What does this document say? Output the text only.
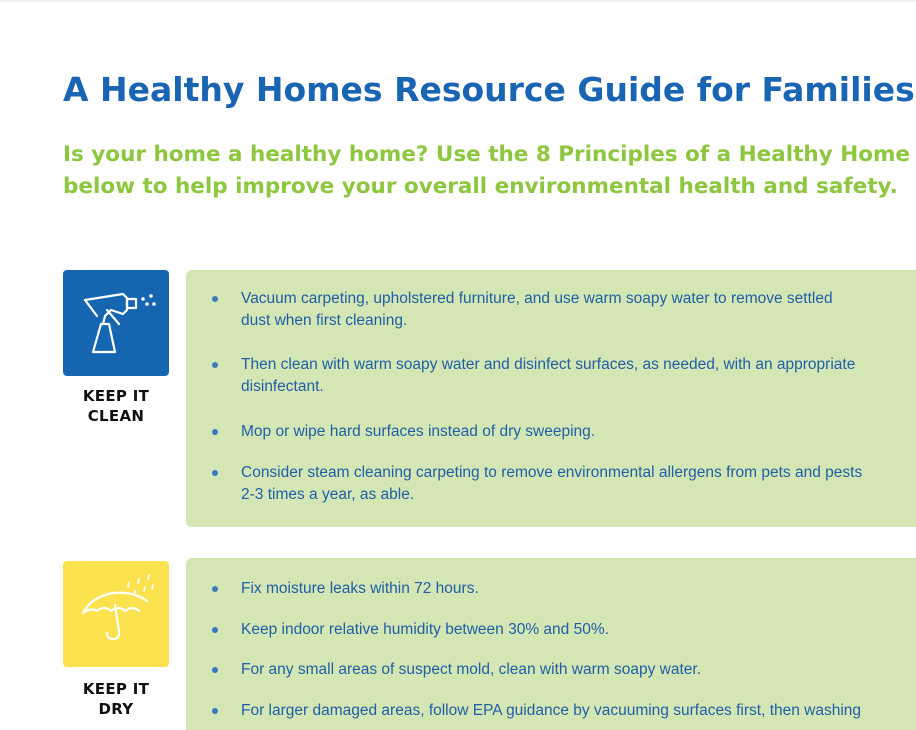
A Healthy Homes Resource Guide for Families

Is your home a healthy home? Use the 8 Principles of a Healthy Home
below to help improve your overall environmental health and safety.

KEEP IT
CLEAN
Vacuum carpeting, upholstered furniture, and use warm soapy water to remove settled
dust when first cleaning.
Then clean with warm soapy water and disinfect surfaces, as needed, with an appropriate
disinfectant.
Mop or wipe hard surfaces instead of dry sweeping.
Consider steam cleaning carpeting to remove environmental allergens from pets and pests
2-3 times a year, as able.
KEEP IT
DRY
Fix moisture leaks within 72 hours.
Keep indoor relative humidity between 30% and 50%.
For any small areas of suspect mold, clean with warm soapy water.
For larger damaged areas, follow EPA guidance by vacuuming surfaces first, then washing
